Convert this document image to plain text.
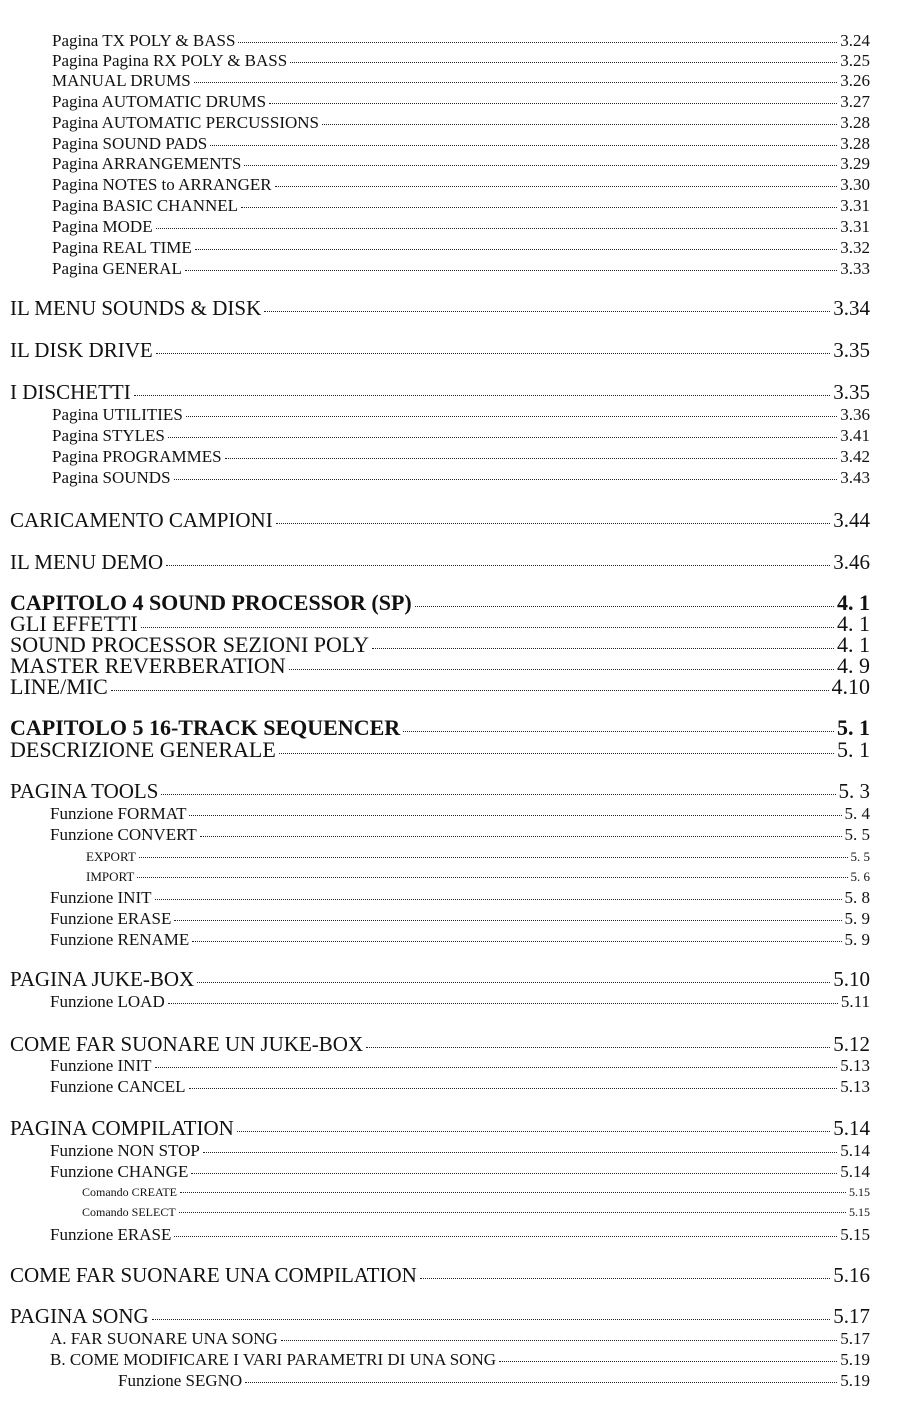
Pagina TX POLY & BASS	3.24
Pagina Pagina RX POLY & BASS	3.25
MANUAL DRUMS	3.26
Pagina AUTOMATIC DRUMS	3.27
Pagina AUTOMATIC PERCUSSIONS	3.28
Pagina SOUND PADS	3.28
Pagina ARRANGEMENTS	3.29
Pagina NOTES to ARRANGER	3.30
Pagina BASIC CHANNEL	3.31
Pagina MODE	3.31
Pagina REAL TIME	3.32
Pagina GENERAL	3.33
IL MENU SOUNDS & DISK	3.34
IL DISK DRIVE	3.35
I DISCHETTI	3.35
Pagina UTILITIES	3.36
Pagina STYLES	3.41
Pagina PROGRAMMES	3.42
Pagina SOUNDS	3.43
CARICAMENTO CAMPIONI	3.44
IL MENU DEMO	3.46
CAPITOLO 4 SOUND PROCESSOR (SP)	4. 1
GLI EFFETTI	4. 1
SOUND PROCESSOR SEZIONI POLY	4. 1
MASTER REVERBERATION	4. 9
LINE/MIC	4.10
CAPITOLO 5 16-TRACK SEQUENCER	5. 1
DESCRIZIONE GENERALE	5. 1
PAGINA TOOLS	5. 3
Funzione FORMAT	5. 4
Funzione CONVERT	5. 5
EXPORT	5. 5
IMPORT	5. 6
Funzione INIT	5. 8
Funzione ERASE	5. 9
Funzione RENAME	5. 9
PAGINA JUKE-BOX	5.10
Funzione LOAD	5.11
COME FAR SUONARE UN JUKE-BOX	5.12
Funzione INIT	5.13
Funzione CANCEL	5.13
PAGINA COMPILATION	5.14
Funzione NON STOP	5.14
Funzione CHANGE	5.14
Comando CREATE	5.15
Comando SELECT	5.15
Funzione ERASE	5.15
COME FAR SUONARE UNA COMPILATION	5.16
PAGINA SONG	5.17
A. FAR SUONARE UNA SONG	5.17
B. COME MODIFICARE I VARI PARAMETRI DI UNA SONG	5.19
Funzione SEGNO	5.19
